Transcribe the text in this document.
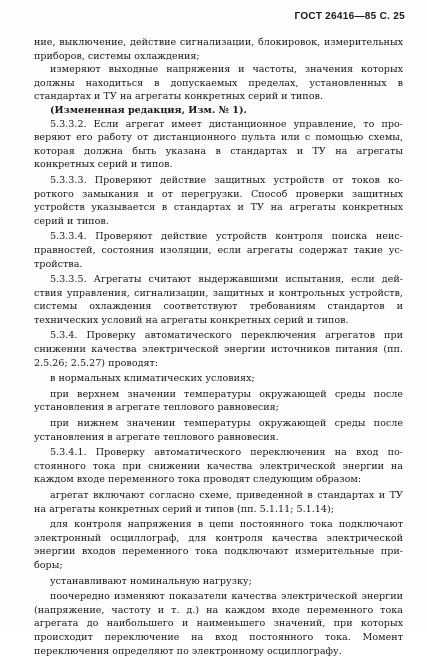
ГОСТ 26416—85 С. 25

ние, выключение, действие сигнализации, блокировок, измерительных приборов, системы охлаждения;

измеряют выходные напряжения и частоты, значения которых должны находиться в допускаемых пределах, установленных в стандартах и ТУ на агрегаты конкретных серий и типов.

(Измененная редакция, Изм. № 1).

5.3.3.2. Если агрегат имеет дистанционное управление, то проверяют его работу от дистанционного пульта или с помощью схемы, которая должна быть указана в стандартах и ТУ на агрегаты конкретных серий и типов.

5.3.3.3. Проверяют действие защитных устройств от токов короткого замыкания и от перегрузки. Способ проверки защитных устройств указывается в стандартах и ТУ на агрегаты конкретных серий и типов.

5.3.3.4. Проверяют действие устройств контроля поиска неисправностей, состояния изоляции, если агрегаты содержат такие устройства.

5.3.3.5. Агрегаты считают выдержавшими испытания, если действия управления, сигнализации, защитных и контрольных устройств, системы охлаждения соответствуют требованиям стандартов и технических условий на агрегаты конкретных серий и типов.

5.3.4. Проверку автоматического переключения агрегатов при снижении качества электрической энергии источников питания (пп. 2.5.26; 2.5.27) проводят:

в нормальных климатических условиях;

при верхнем значении температуры окружающей среды после установления в агрегате теплового равновесия;

при нижнем значении температуры окружающей среды после установления в агрегате теплового равновесия.

5.3.4.1. Проверку автоматического переключения на вход постоянного тока при снижении качества электрической энергии на каждом входе переменного тока проводят следующим образом:

агрегат включают согласно схеме, приведенной в стандартах и ТУ на агрегаты конкретных серий и типов (пп. 5.1.11; 5.1.14);

для контроля напряжения в цепи постоянного тока подключают электронный осциллограф, для контроля качества электрической энергии входов переменного тока подключают измерительные приборы;

устанавливают номинальную нагрузку;

поочередно изменяют показатели качества электрической энергии (напряжение, частоту и т. д.) на каждом входе переменного тока агрегата до наибольшего и наименьшего значений, при которых происходит переключение на вход постоянного тока. Момент переключения определяют по электронному осциллографу.
